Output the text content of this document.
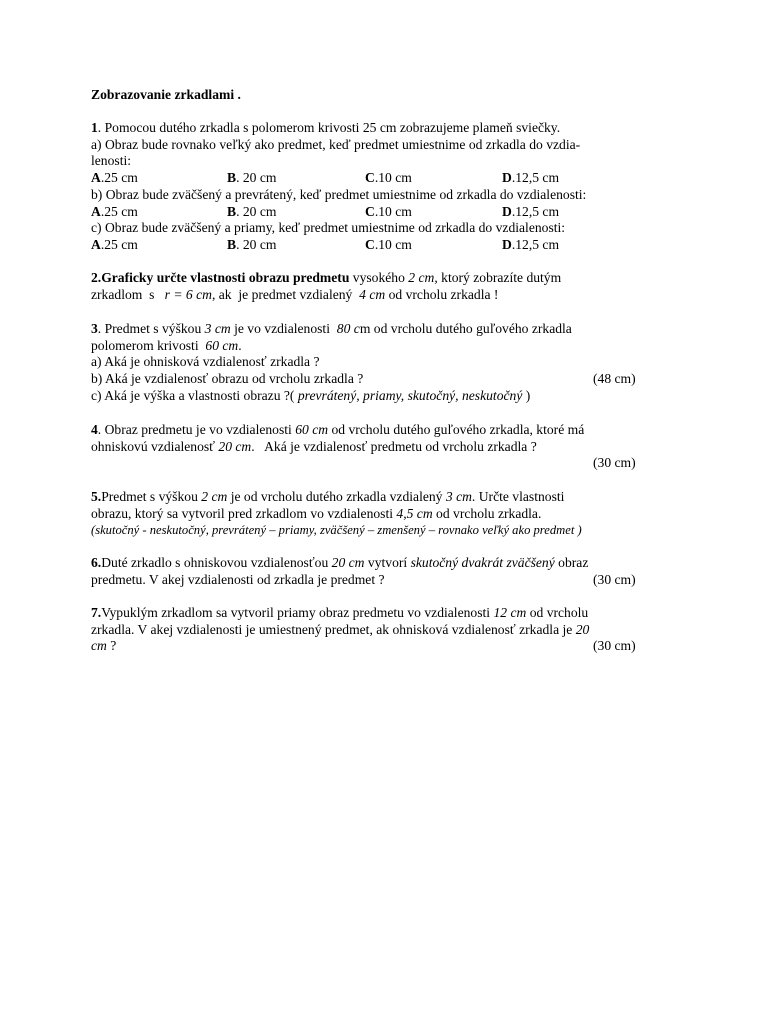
Zobrazovanie zrkadlami .

1. Pomocou dutého zrkadla s polomerom krivosti 25 cm zobrazujeme plameň sviečky.

a) Obraz bude rovnako veľký ako predmet, keď predmet umiestnime od zrkadla do vzdia-

lenosti:

A.25 cm	B. 20 cm	C.10 cm	D.12,5 cm

b) Obraz bude zväčšený a prevrátený, keď predmet umiestnime od zrkadla do vzdialenosti:

A.25 cm	B. 20 cm	C.10 cm	D.12,5 cm

c) Obraz bude zväčšený a priamy, keď predmet umiestnime od zrkadla do vzdialenosti:

A.25 cm	B. 20 cm	C.10 cm	D.12,5 cm

2.Graficky určte vlastnosti obrazu predmetu vysokého 2 cm, ktorý zobrazíte dutým

zrkadlom  s   r = 6 cm, ak  je predmet vzdialený  4 cm od vrcholu zrkadla !

3. Predmet s výškou 3 cm je vo vzdialenosti  80 cm od vrcholu dutého guľového zrkadla

polomerom krivosti  60 cm.

a) Aká je ohnisková vzdialenosť zrkadla ?

b) Aká je vzdialenosť obrazu od vrcholu zrkadla ?	(48 cm)

c) Aká je výška a vlastnosti obrazu ?( prevrátený, priamy, skutočný, neskutočný )

4. Obraz predmetu je vo vzdialenosti 60 cm od vrcholu dutého guľového zrkadla, ktoré má

ohniskovú vzdialenosť 20 cm.   Aká je vzdialenosť predmetu od vrcholu zrkadla ?

(30 cm)

5.Predmet s výškou 2 cm je od vrcholu dutého zrkadla vzdialený 3 cm. Určte vlastnosti

obrazu, ktorý sa vytvoril pred zrkadlom vo vzdialenosti 4,5 cm od vrcholu zrkadla.

(skutočný - neskutočný, prevrátený – priamy, zväčšený – zmenšený – rovnako veľký ako predmet )

6.Duté zrkadlo s ohniskovou vzdialenosťou 20 cm vytvorí skutočný dvakrát zväčšený obraz

predmetu. V akej vzdialenosti od zrkadla je predmet ?	(30 cm)

7.Vypuklým zrkadlom sa vytvoril priamy obraz predmetu vo vzdialenosti 12 cm od vrcholu

zrkadla. V akej vzdialenosti je umiestnený predmet, ak ohnisková vzdialenosť zrkadla je 20

cm ?	(30 cm)
